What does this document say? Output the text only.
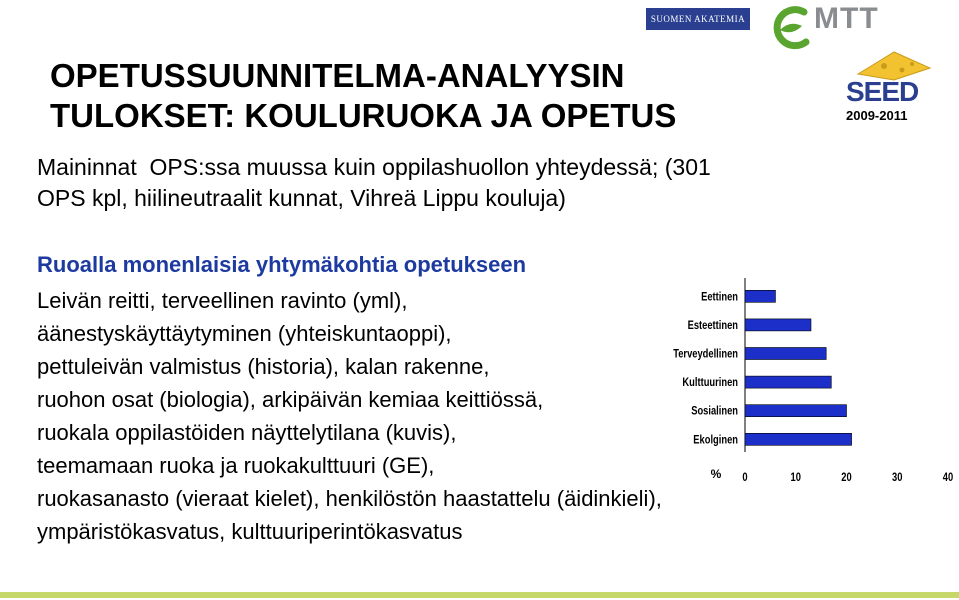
SUOMEN AKATEMIA MTT
SEED
2009-2011
OPETUSSUUNNITELMA-ANALYYSIN
TULOKSET: KOULURUOKA JA OPETUS
Maininnat  OPS:ssa muussa kuin oppilashuollon yhteydessä; (301
OPS kpl, hiilineutraalit kunnat, Vihreä Lippu kouluja)
Ruoalla monenlaisia yhtymäkohtia opetukseen
Leivän reitti, terveellinen ravinto (yml),
äänestyskäyttäytyminen (yhteiskuntaoppi),
pettuleivän valmistus (historia), kalan rakenne,
ruohon osat (biologia), arkipäivän kemiaa keittiössä,
ruokala oppilastöiden näyttelytilana (kuvis),
teemamaan ruoka ja ruokakulttuuri (GE),
ruokasanasto (vieraat kielet), henkilöstön haastattelu (äidinkieli),
ympäristökasvatus, kulttuuriperintökasvatus
Eettinen
Esteettinen
Terveydellinen
Kulttuurinen
Sosialinen
Ekolginen
0	10	20	30	40
%
